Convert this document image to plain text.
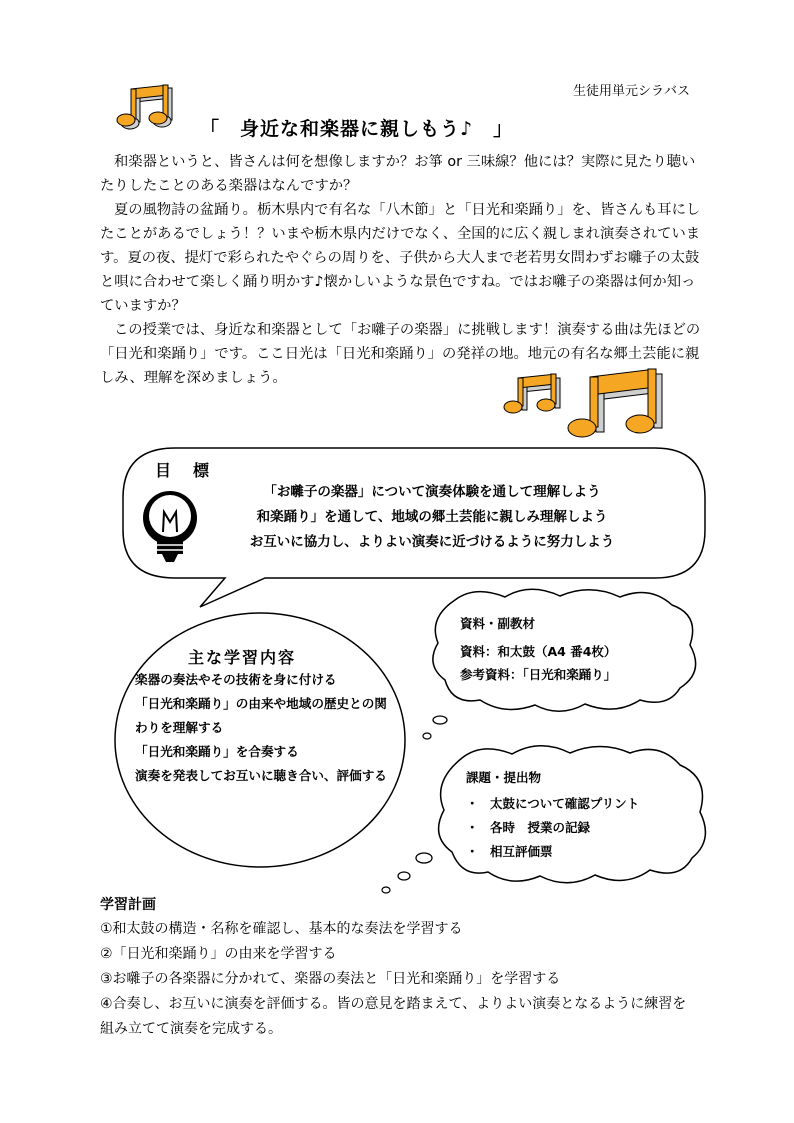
生徒用単元シラバス
「　身近な和楽器に親しもう♪　」

和楽器というと、皆さんは何を想像しますか？お箏 or 三味線？他には？実際に見たり聴いたりしたことのある楽器はなんですか？

夏の風物詩の盆踊り。栃木県内で有名な「八木節」と「日光和楽踊り」を、皆さんも耳にしたことがあるでしょう！？いまや栃木県内だけでなく、全国的に広く親しまれ演奏されています。夏の夜、提灯で彩られたやぐらの周りを、子供から大人まで老若男女問わずお囃子の太鼓と唄に合わせて楽しく踊り明かす♪懐かしいような景色ですね。ではお囃子の楽器は何か知っていますか？

この授業では、身近な和楽器として「お囃子の楽器」に挑戦します！演奏する曲は先ほどの「日光和楽踊り」です。ここ日光は「日光和楽踊り」の発祥の地。地元の有名な郷土芸能に親しみ、理解を深めましょう。

目標
「お囃子の楽器」について演奏体験を通して理解しよう
和楽踊り」を通して、地域の郷土芸能に親しみ理解しよう
お互いに協力し、よりよい演奏に近づけるように努力しよう
主な学習内容
楽器の奏法やその技術を身に付ける
「日光和楽踊り」の由来や地域の歴史との関わりを理解する
「日光和楽踊り」を合奏する
演奏を発表してお互いに聴き合い、評価する
資料・副教材
資料：和太鼓（A4 番4枚）
参考資料：「日光和楽踊り」
課題・提出物
・ 太鼓について確認プリント
・ 各時　授業の記録
・ 相互評価票
学習計画
①和太鼓の構造・名称を確認し、基本的な奏法を学習する
②「日光和楽踊り」の由来を学習する
③お囃子の各楽器に分かれて、楽器の奏法と「日光和楽踊り」を学習する
④合奏し、お互いに演奏を評価する。皆の意見を踏まえて、よりよい演奏となるように練習を組み立てて演奏を完成する。
